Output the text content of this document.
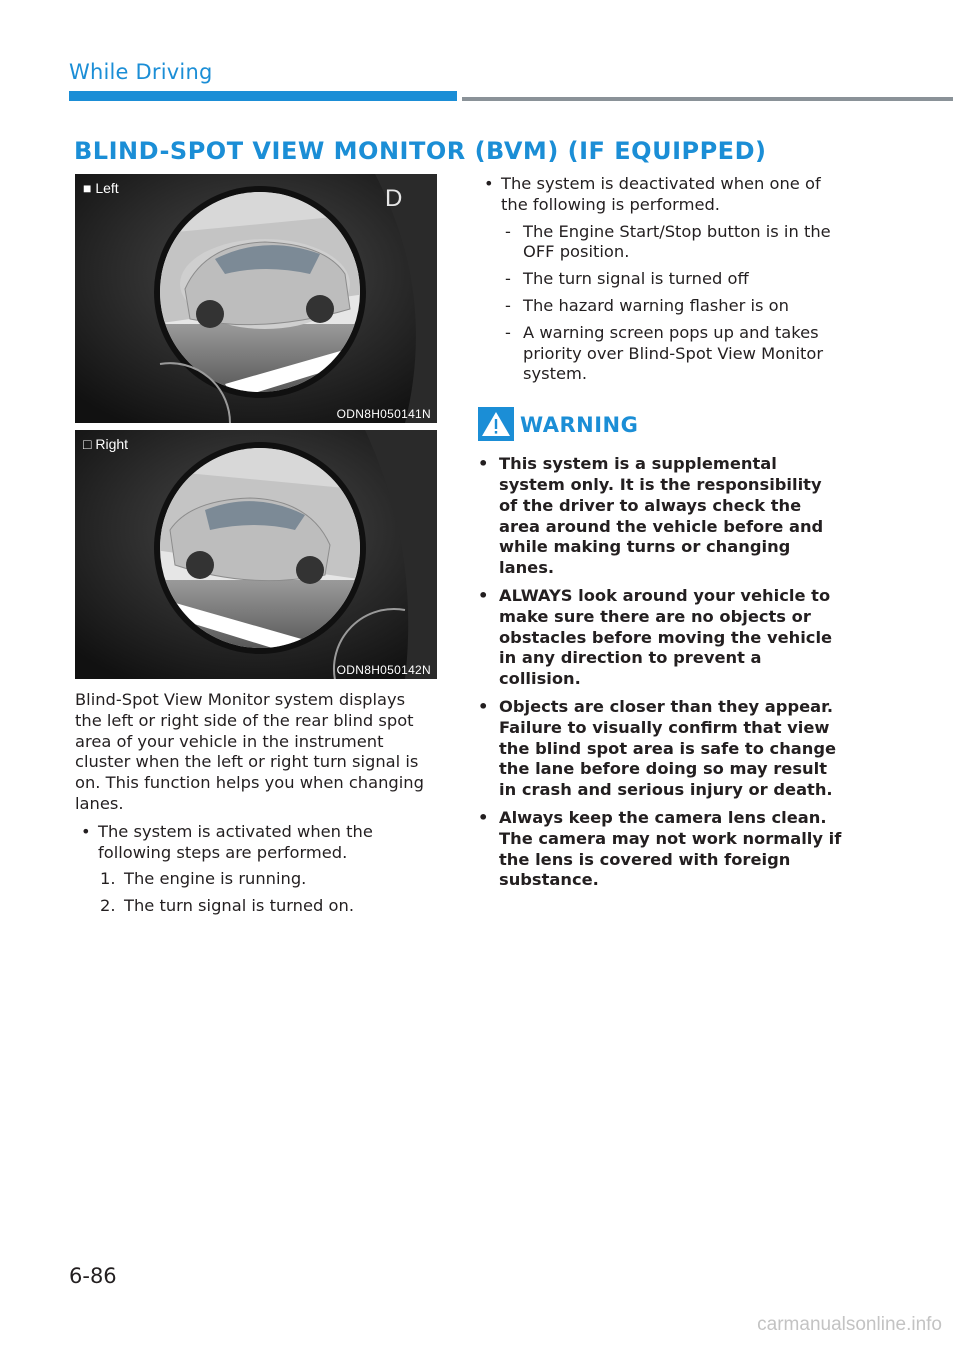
While Driving
BLIND-SPOT VIEW MONITOR (BVM) (IF EQUIPPED)
D
■ Left
ODN8H050141N
□ Right
ODN8H050142N

Blind-Spot View Monitor system displays the left or right side of the rear blind spot area of your vehicle in the instrument cluster when the left or right turn signal is on. This function helps you when changing lanes.

• The system is activated when the following steps are performed.
1. The engine is running.
2. The turn signal is turned on.
• The system is deactivated when one of the following is performed.
- The Engine Start/Stop button is in the OFF position.
- The turn signal is turned off
- The hazard warning flasher is on
- A warning screen pops up and takes priority over Blind-Spot View Monitor system.
WARNING
• This system is a supplemental system only. It is the responsibility of the driver to always check the area around the vehicle before and while making turns or changing lanes.
• ALWAYS look around your vehicle to make sure there are no objects or obstacles before moving the vehicle in any direction to prevent a collision.
• Objects are closer than they appear. Failure to visually confirm that view the blind spot area is safe to change the lane before doing so may result in crash and serious injury or death.
• Always keep the camera lens clean. The camera may not work normally if the lens is covered with foreign substance.
6-86
carmanualsonline.info
